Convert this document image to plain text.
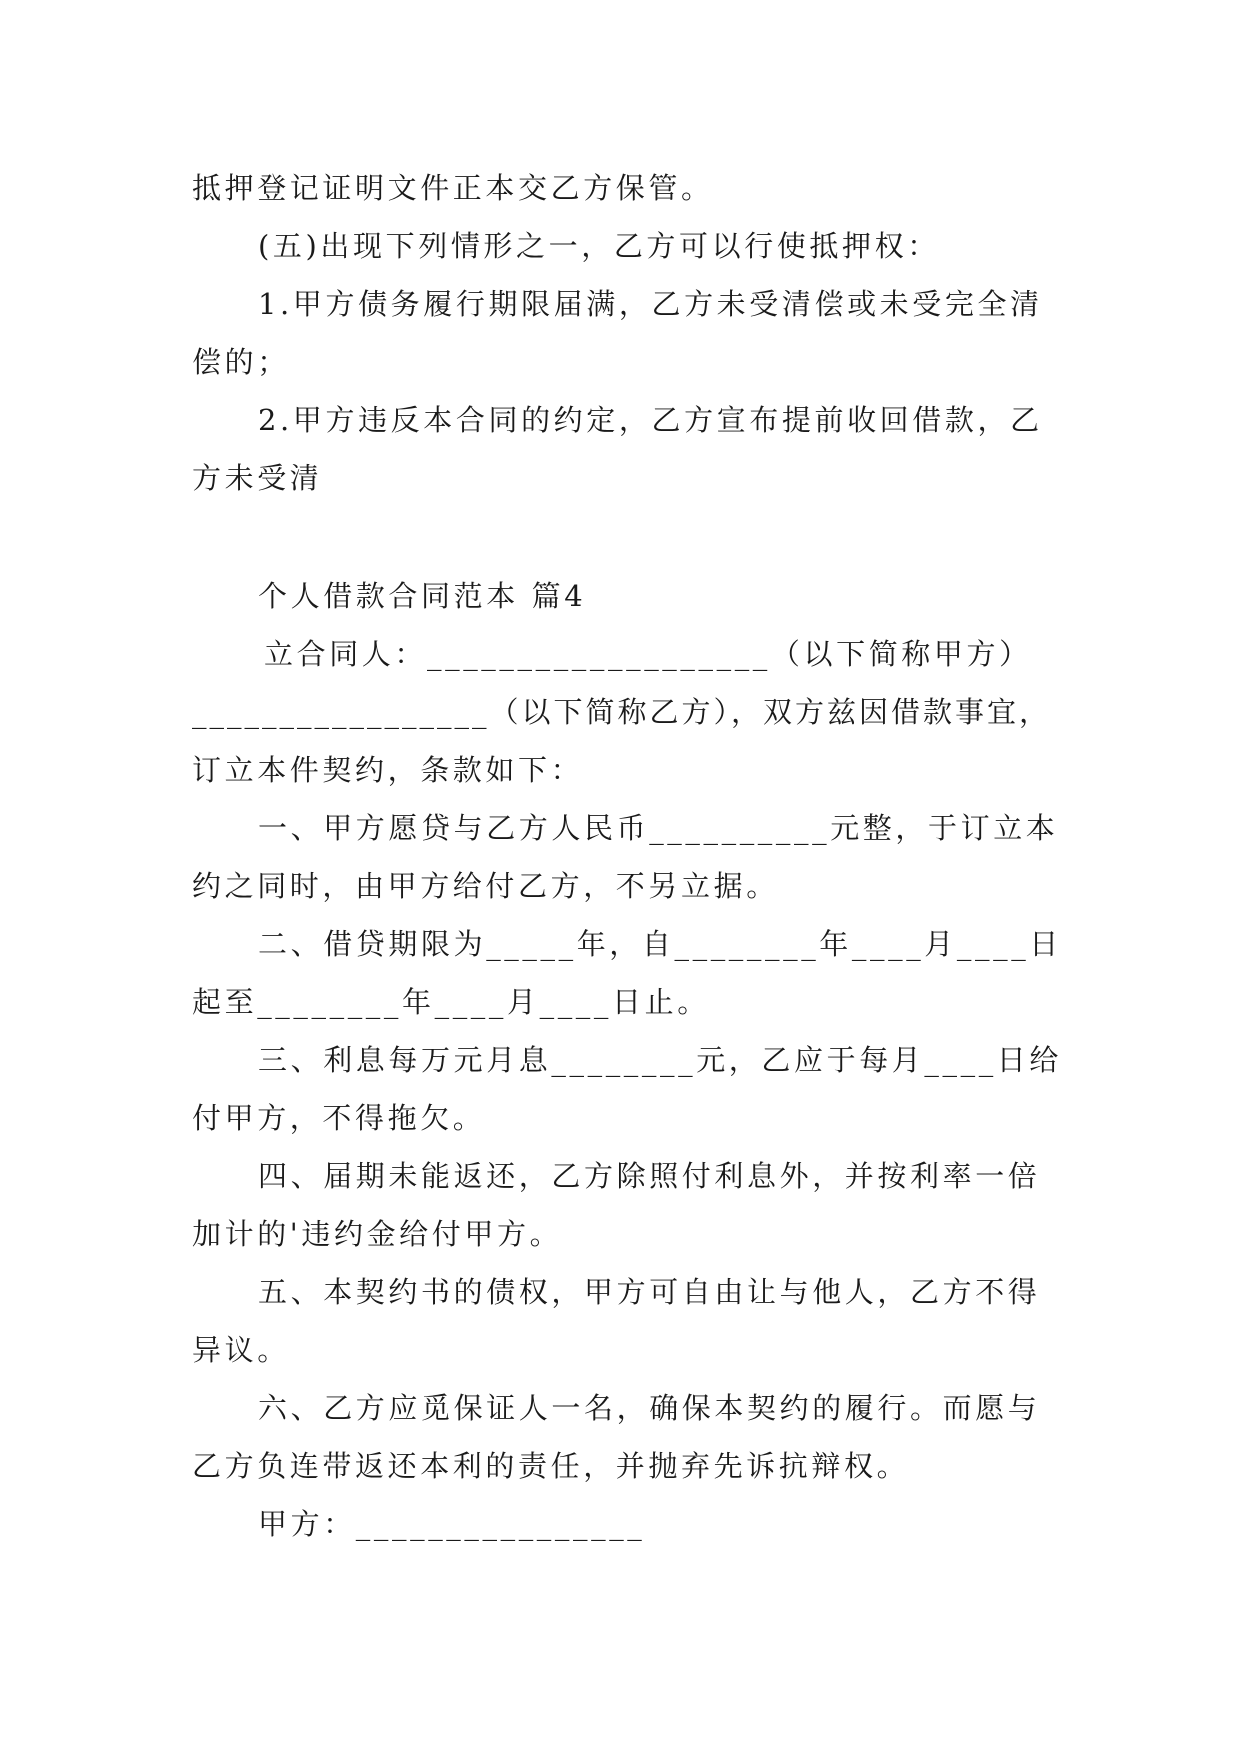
抵押登记证明文件正本交乙方保管。
(五)出现下列情形之一，乙方可以行使抵押权：
1.甲方债务履行期限届满，乙方未受清偿或未受完全清
偿的；
2.甲方违反本合同的约定，乙方宣布提前收回借款，乙
方未受清
个人借款合同范本 篇4
立合同人：___________________（以下简称甲方）
_________________（以下简称乙方），双方兹因借款事宜，
订立本件契约，条款如下：
一、甲方愿贷与乙方人民币__________元整，于订立本
约之同时，由甲方给付乙方，不另立据。
二、借贷期限为_____年，自________年____月____日
起至________年____月____日止。
三、利息每万元月息________元，乙应于每月____日给
付甲方，不得拖欠。
四、届期未能返还，乙方除照付利息外，并按利率一倍
加计的'违约金给付甲方。
五、本契约书的债权，甲方可自由让与他人，乙方不得
异议。
六、乙方应觅保证人一名，确保本契约的履行。而愿与
乙方负连带返还本利的责任，并抛弃先诉抗辩权。
甲方：________________
